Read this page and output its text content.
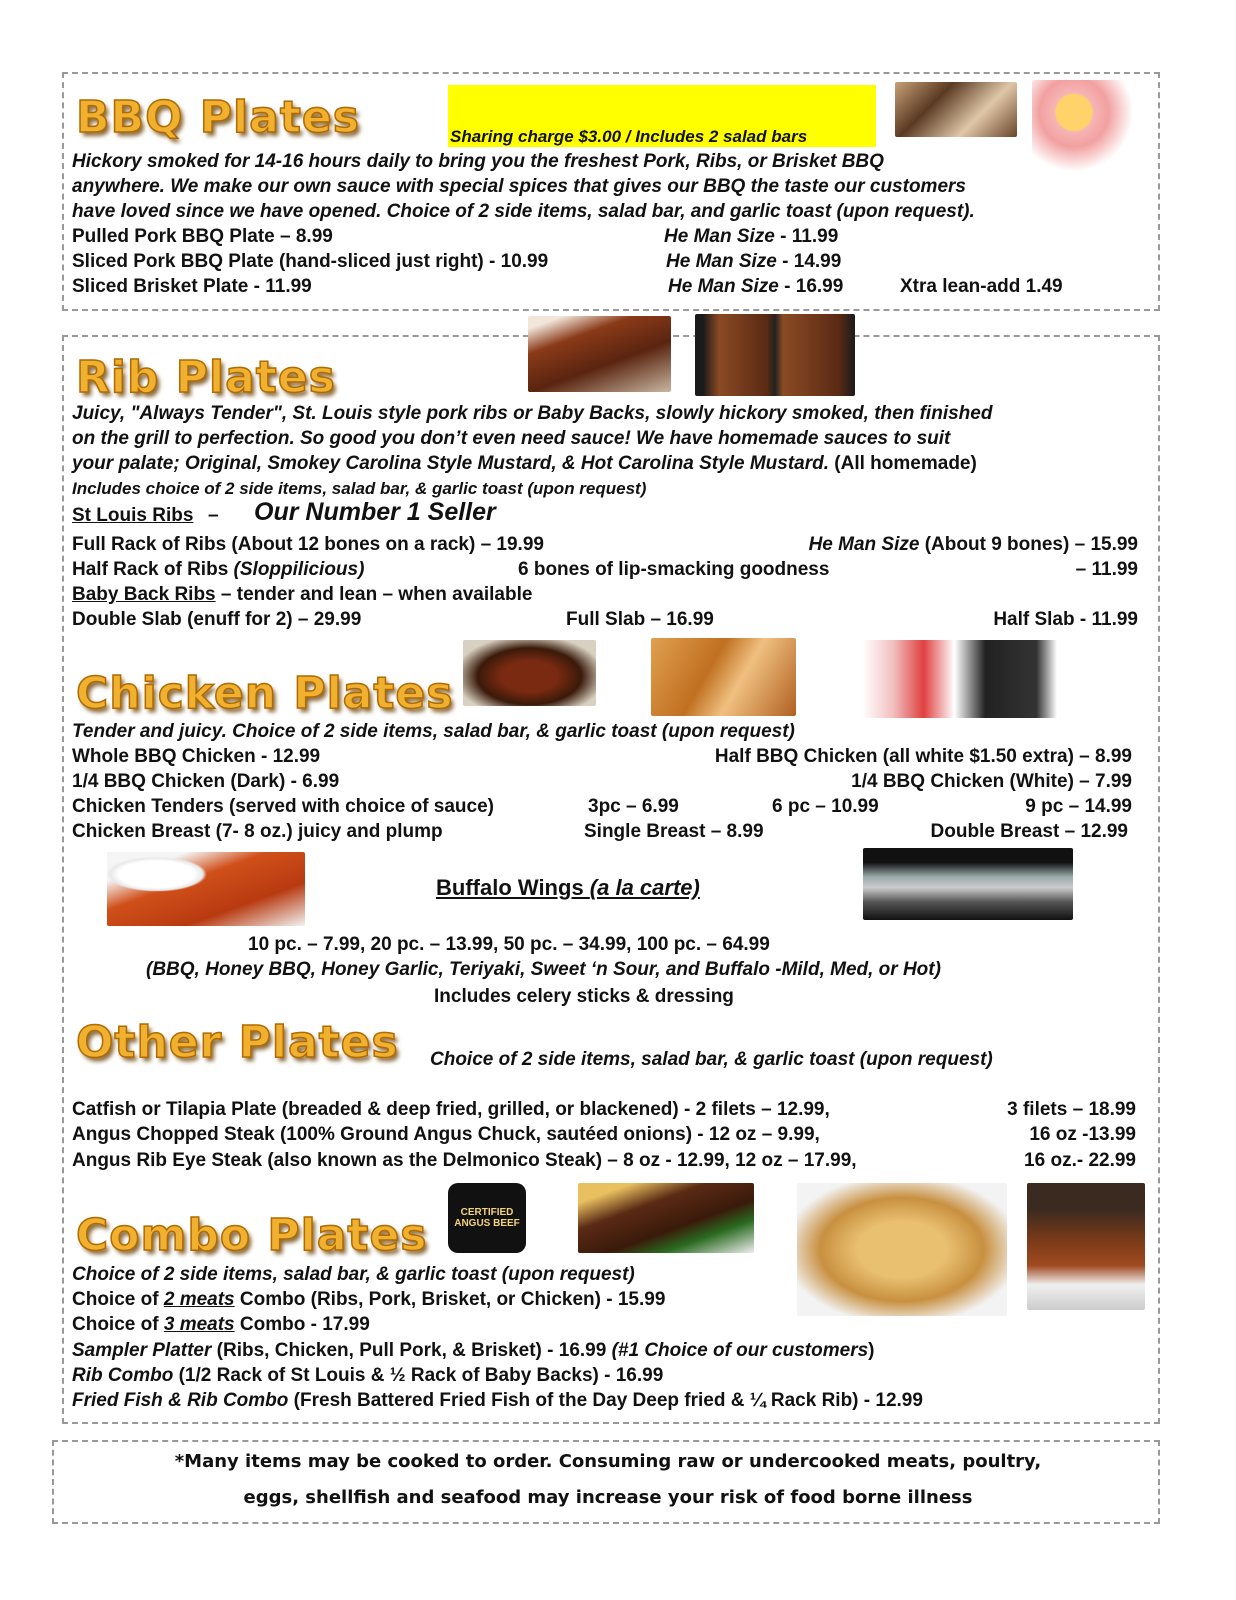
BBQ Plates	Sharing charge $3.00 / Includes 2 salad bars
Hickory smoked for 14-16 hours daily to bring you the freshest Pork, Ribs, or Brisket BBQ
anywhere. We make our own sauce with special spices that gives our BBQ the taste our customers
have loved since we have opened. Choice of 2 side items, salad bar, and garlic toast (upon request).
Pulled Pork BBQ Plate – 8.99	He Man Size - 11.99
Sliced Pork BBQ Plate (hand-sliced just right) - 10.99	He Man Size - 14.99
Sliced Brisket Plate - 11.99	He Man Size - 16.99	Xtra lean-add 1.49
Rib Plates
Juicy, "Always Tender", St. Louis style pork ribs or Baby Backs, slowly hickory smoked, then finished
on the grill to perfection. So good you don’t even need sauce! We have homemade sauces to suit
your palate; Original, Smokey Carolina Style Mustard, & Hot Carolina Style Mustard. (All homemade)
Includes choice of 2 side items, salad bar, & garlic toast (upon request)
St Louis Ribs – Our Number 1 Seller
Full Rack of Ribs (About 12 bones on a rack) – 19.99	He Man Size (About 9 bones) – 15.99
Half Rack of Ribs (Sloppilicious)	6 bones of lip-smacking goodness	– 11.99
Baby Back Ribs – tender and lean – when available
Double Slab (enuff for 2) – 29.99	Full Slab – 16.99	Half Slab - 11.99
Chicken Plates
Tender and juicy. Choice of 2 side items, salad bar, & garlic toast (upon request)
Whole BBQ Chicken - 12.99	Half BBQ Chicken (all white $1.50 extra) – 8.99
1/4 BBQ Chicken (Dark) - 6.99	1/4 BBQ Chicken (White) – 7.99
Chicken Tenders (served with choice of sauce)	3pc – 6.99	6 pc – 10.99	9 pc – 14.99
Chicken Breast (7- 8 oz.) juicy and plump	Single Breast – 8.99	Double Breast – 12.99
Buffalo Wings (a la carte)
10 pc. – 7.99, 20 pc. – 13.99, 50 pc. – 34.99, 100 pc. – 64.99
(BBQ, Honey BBQ, Honey Garlic, Teriyaki, Sweet ‘n Sour, and Buffalo -Mild, Med, or Hot)
Includes celery sticks & dressing
Other Plates Choice of 2 side items, salad bar, & garlic toast (upon request)
Catfish or Tilapia Plate (breaded & deep fried, grilled, or blackened) - 2 filets – 12.99,	3 filets – 18.99
Angus Chopped Steak (100% Ground Angus Chuck, sautéed onions) - 12 oz – 9.99,	16 oz -13.99
Angus Rib Eye Steak (also known as the Delmonico Steak) – 8 oz - 12.99, 12 oz – 17.99,	16 oz.- 22.99
Combo Plates	CERTIFIED ANGUS BEEF
Choice of 2 side items, salad bar, & garlic toast (upon request)
Choice of 2 meats Combo (Ribs, Pork, Brisket, or Chicken) - 15.99
Choice of 3 meats Combo - 17.99
Sampler Platter (Ribs, Chicken, Pull Pork, & Brisket) - 16.99 (#1 Choice of our customers)
Rib Combo (1/2 Rack of St Louis & ½ Rack of Baby Backs) - 16.99
Fried Fish & Rib Combo (Fresh Battered Fried Fish of the Day Deep fried & ¼ Rack Rib) - 12.99
*Many items may be cooked to order. Consuming raw or undercooked meats, poultry,
eggs, shellfish and seafood may increase your risk of food borne illness
